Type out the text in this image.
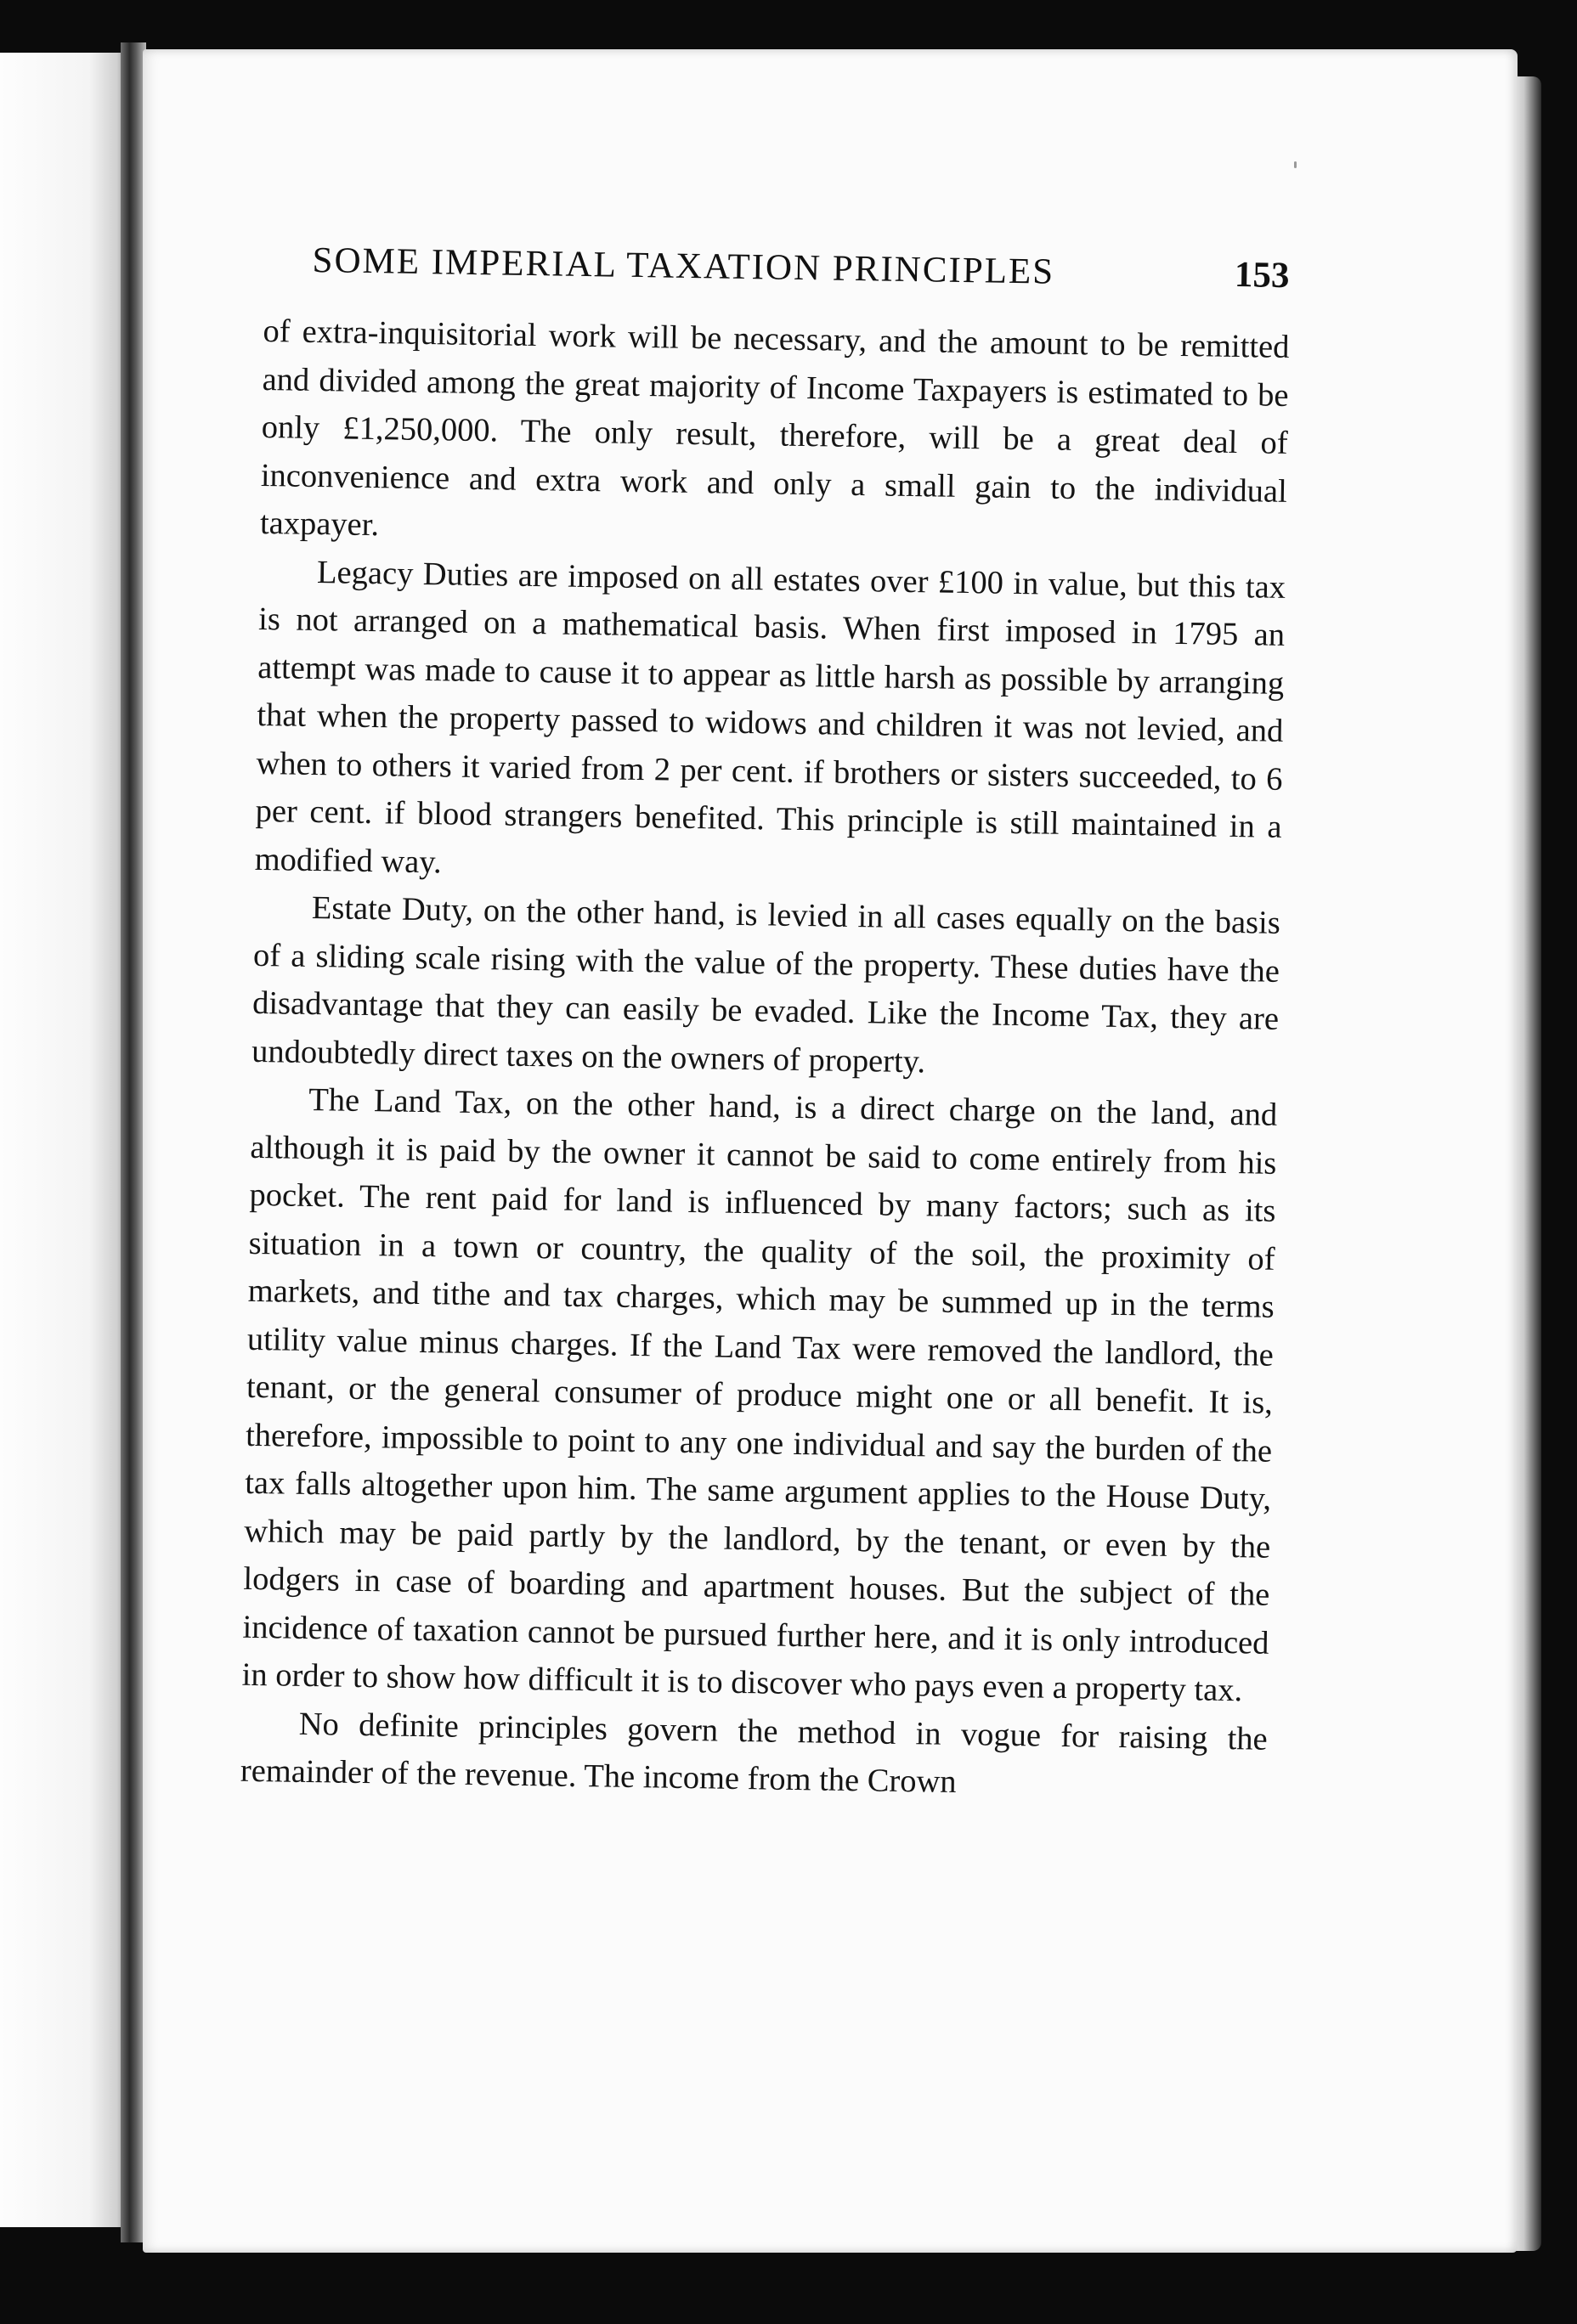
SOME IMPERIAL TAXATION PRINCIPLES	153

of extra-inquisitorial work will be necessary, and the amount to be remitted and divided among the great majority of Income Taxpayers is estimated to be only £1,250,000. The only result, therefore, will be a great deal of inconvenience and extra work and only a small gain to the individual taxpayer.

Legacy Duties are imposed on all estates over £100 in value, but this tax is not arranged on a mathematical basis. When first imposed in 1795 an attempt was made to cause it to appear as little harsh as possible by arranging that when the property passed to widows and children it was not levied, and when to others it varied from 2 per cent. if brothers or sisters succeeded, to 6 per cent. if blood strangers benefited. This principle is still maintained in a modified way.

Estate Duty, on the other hand, is levied in all cases equally on the basis of a sliding scale rising with the value of the property. These duties have the disadvantage that they can easily be evaded. Like the Income Tax, they are undoubtedly direct taxes on the owners of property.

The Land Tax, on the other hand, is a direct charge on the land, and although it is paid by the owner it cannot be said to come entirely from his pocket. The rent paid for land is influenced by many factors; such as its situation in a town or country, the quality of the soil, the proximity of markets, and tithe and tax charges, which may be summed up in the terms utility value minus charges. If the Land Tax were removed the landlord, the tenant, or the general consumer of produce might one or all benefit. It is, therefore, impossible to point to any one individual and say the burden of the tax falls altogether upon him. The same argument applies to the House Duty, which may be paid partly by the landlord, by the tenant, or even by the lodgers in case of boarding and apartment houses. But the subject of the incidence of taxation cannot be pursued further here, and it is only introduced in order to show how difficult it is to discover who pays even a property tax.

No definite principles govern the method in vogue for raising the remainder of the revenue. The income from the Crown
